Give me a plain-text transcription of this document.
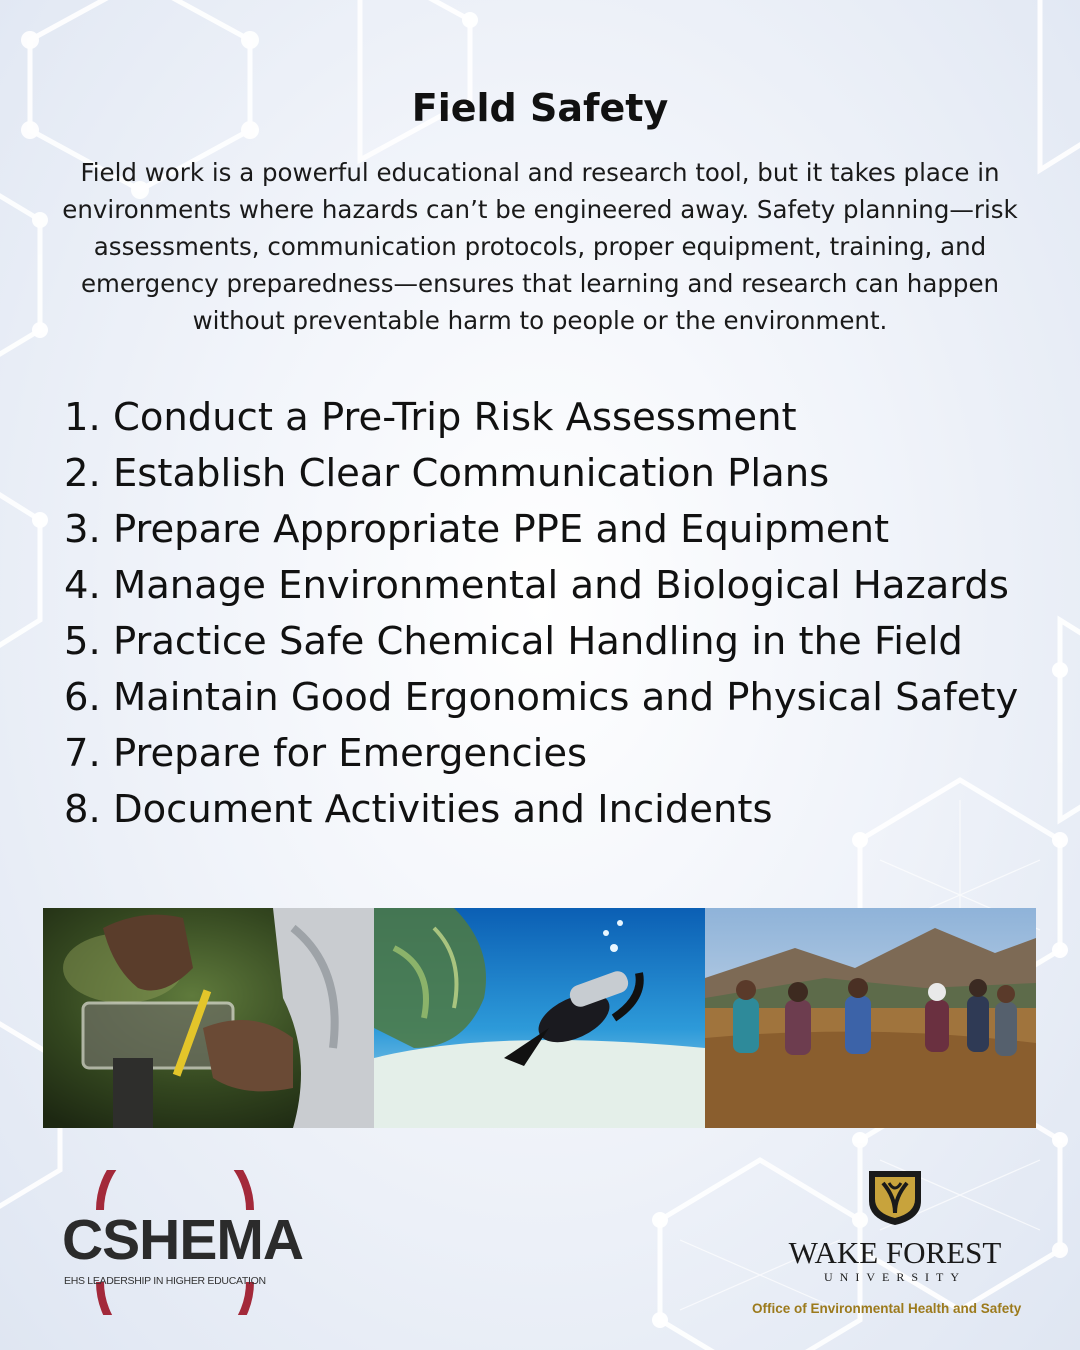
Field Safety

Field work is a powerful educational and research tool, but it takes place in environments where hazards can’t be engineered away. Safety planning—risk assessments, communication protocols, proper equipment, training, and emergency preparedness—ensures that learning and research can happen without preventable harm to people or the environment.

1. Conduct a Pre-Trip Risk Assessment
2. Establish Clear Communication Plans
3. Prepare Appropriate PPE and Equipment
4. Manage Environmental and Biological Hazards
5. Practice Safe Chemical Handling in the Field
6. Maintain Good Ergonomics and Physical Safety
7. Prepare for Emergencies
8. Document Activities and Incidents
CSHEMA
EHS LEADERSHIP IN HIGHER EDUCATION
WAKE FOREST
UNIVERSITY
Office of Environmental Health and Safety
